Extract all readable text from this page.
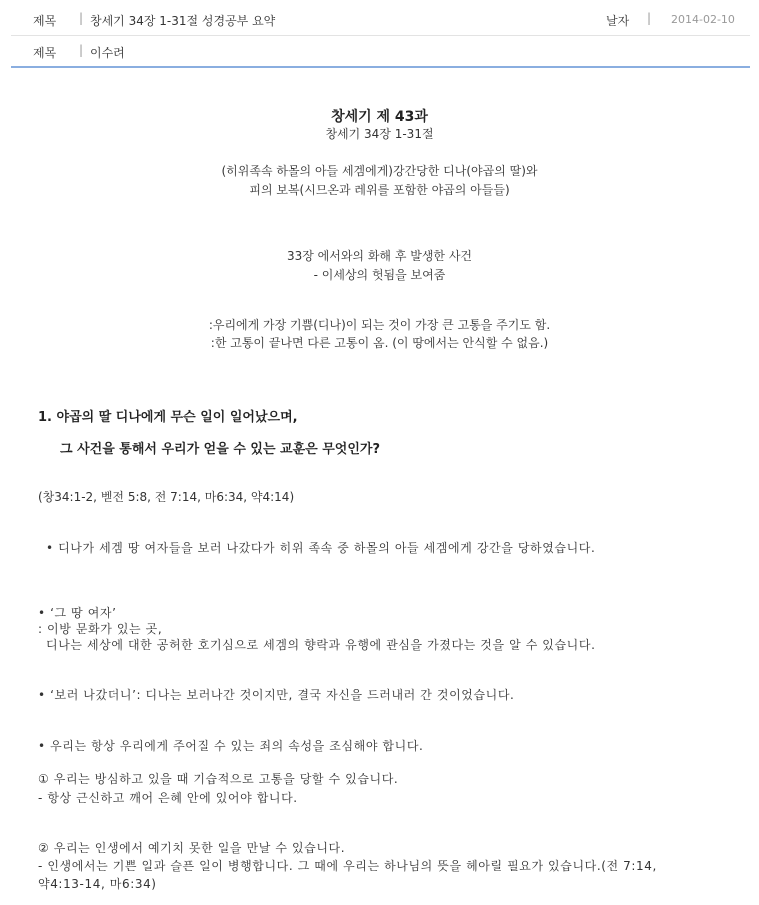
제목 | 창세기 34장 1-31절 성경공부 요약	날자 | 2014-02-10
제목 | 이수려
창세기 제 43과
창세기 34장 1-31절
(히위족속 하몰의 아들 세겜에게)강간당한 디나(야곱의 딸)와
피의 보복(시므온과 레위를 포함한 야곱의 아들들)
33장 에서와의 화해 후 발생한 사건
- 이세상의 헛됨을 보여줌
:우리에게 가장 기쁨(디나)이 되는 것이 가장 큰 고통을 주기도 함.
:한 고통이 끝나면 다른 고통이 옴. (이 땅에서는 안식할 수 없음.)
1. 야곱의 딸 디나에게 무슨 일이 일어났으며,
그 사건을 통해서 우리가 얻을 수 있는 교훈은 무엇인가?
(창34:1-2, 벧전 5:8, 전 7:14, 마6:34, 약4:14)
• 디나가 세겜 땅 여자들을 보러 나갔다가 히위 족속 중 하몰의 아들 세겜에게 강간을 당하였습니다.
• ‘그 땅 여자’
: 이방 문화가 있는 곳,
디나는 세상에 대한 공허한 호기심으로 세겜의 향락과 유행에 관심을 가졌다는 것을 알 수 있습니다.
• ‘보러 나갔더니’: 디나는 보러나간 것이지만, 결국 자신을 드러내러 간 것이었습니다.
• 우리는 항상 우리에게 주어질 수 있는 죄의 속성을 조심해야 합니다.
① 우리는 방심하고 있을 때 기습적으로 고통을 당할 수 있습니다.
- 항상 근신하고 깨어 은혜 안에 있어야 합니다.
② 우리는 인생에서 예기치 못한 일을 만날 수 있습니다.
- 인생에서는 기쁜 일과 슬픈 일이 병행합니다. 그 때에 우리는 하나님의 뜻을 헤아릴 필요가 있습니다.(전 7:14,
약4:13-14, 마6:34)
